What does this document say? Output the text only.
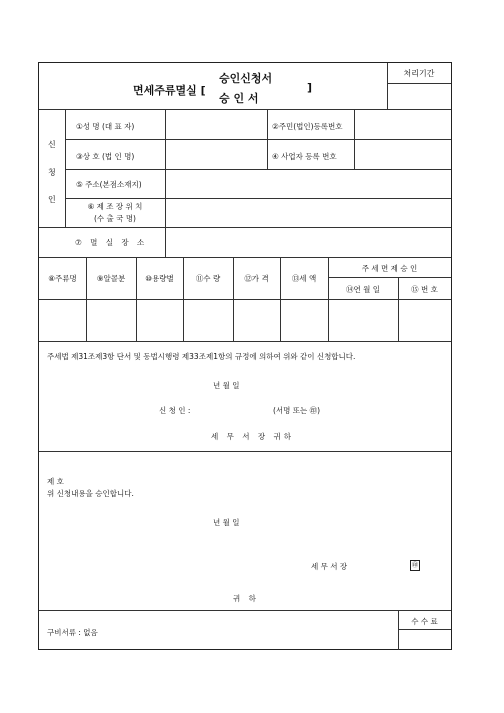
면세주류멸실 [
승인신청서
승 인 서
]
처리기간
신
청
인
①성 명 (대 표 자)	②주민(법인)등록번호
③상 호 (법 인 명)	④ 사업자 등록 번호
⑤ 주소(본점소재지)
⑥ 제 조 장 위 치
(수 출 국 명)
⑦ 멸 실 장 소
⑧주류명	⑨알콜분	⑩용량별	⑪수 량	⑫가 격	⑬세 액
주 세 면 제 승 인
⑭연 월 일	⑮ 번 호
주세법 제31조제3항 단서 및 동법시행령 제33조제1항의 규정에 의하여 위와 같이 신청합니다.
년 월 일
신 청 인 :	(서명 또는 ㊞)
세 무 서 장 귀하
제 호
위 신청내용을 승인합니다.
년 월 일
세 무 서 장	㊞
귀 하
구비서류 : 없음
수 수 료
